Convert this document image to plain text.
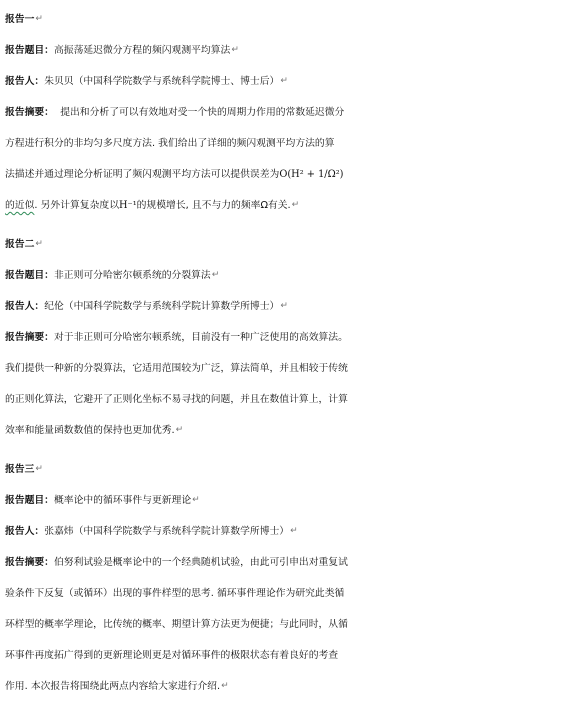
报告一↵
报告题目：高振荡延迟微分方程的频闪观测平均算法↵
报告人：朱贝贝（中国科学院数学与系统科学院博士、博士后）↵
报告摘要： 提出和分析了可以有效地对受一个快的周期力作用的常数延迟微分
方程进行积分的非均匀多尺度方法. 我们给出了详细的频闪观测平均方法的算
法描述并通过理论分析证明了频闪观测平均方法可以提供误差为O(H² + 1/Ω²)
的近似. 另外计算复杂度以H⁻¹的规模增长, 且不与力的频率Ω有关.↵
报告二↵
报告题目：非正则可分哈密尔顿系统的分裂算法↵
报告人：纪伦（中国科学院数学与系统科学院计算数学所博士）↵
报告摘要：对于非正则可分哈密尔顿系统，目前没有一种广泛使用的高效算法。
我们提供一种新的分裂算法，它适用范围较为广泛，算法简单，并且相较于传统
的正则化算法，它避开了正则化坐标不易寻找的问题，并且在数值计算上，计算
效率和能量函数数值的保持也更加优秀.↵
报告三↵
报告题目：概率论中的循环事件与更新理论↵
报告人：张嘉炜（中国科学院数学与系统科学院计算数学所博士）↵
报告摘要：伯努利试验是概率论中的一个经典随机试验，由此可引申出对重复试
验条件下反复（或循环）出现的事件样型的思考. 循环事件理论作为研究此类循
环样型的概率学理论，比传统的概率、期望计算方法更为便捷；与此同时，从循
环事件再度拓广得到的更新理论则更是对循环事件的极限状态有着良好的考查
作用. 本次报告将围绕此两点内容给大家进行介绍.↵
